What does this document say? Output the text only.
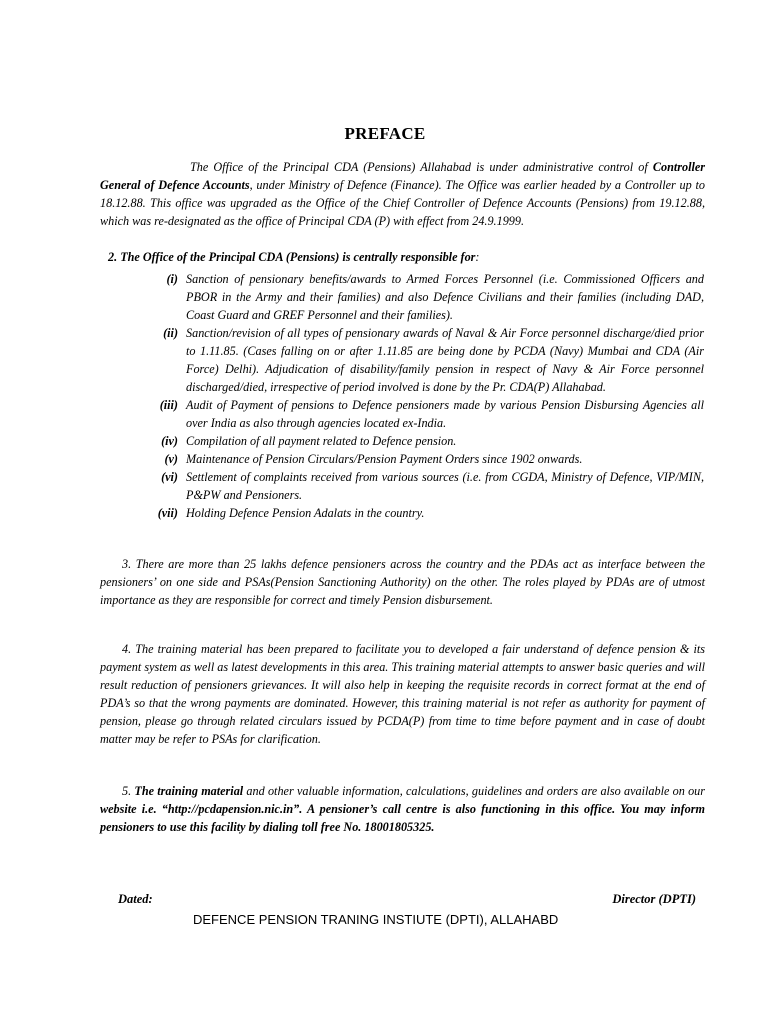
PREFACE
The Office of the Principal CDA (Pensions) Allahabad is under administrative control of Controller General of Defence Accounts, under Ministry of Defence (Finance). The Office was earlier headed by a Controller up to 18.12.88. This office was upgraded as the Office of the Chief Controller of Defence Accounts (Pensions) from 19.12.88, which was re-designated as the office of Principal CDA (P) with effect from 24.9.1999.
2. The Office of the Principal CDA (Pensions) is centrally responsible for:
(i) Sanction of pensionary benefits/awards to Armed Forces Personnel (i.e. Commissioned Officers and PBOR in the Army and their families) and also Defence Civilians and their families (including DAD, Coast Guard and GREF Personnel and their families).
(ii) Sanction/revision of all types of pensionary awards of Naval & Air Force personnel discharge/died prior to 1.11.85. (Cases falling on or after 1.11.85 are being done by PCDA (Navy) Mumbai and CDA (Air Force) Delhi). Adjudication of disability/family pension in respect of Navy & Air Force personnel discharged/died, irrespective of period involved is done by the Pr. CDA(P) Allahabad.
(iii) Audit of Payment of pensions to Defence pensioners made by various Pension Disbursing Agencies all over India as also through agencies located ex-India.
(iv) Compilation of all payment related to Defence pension.
(v) Maintenance of Pension Circulars/Pension Payment Orders since 1902 onwards.
(vi) Settlement of complaints received from various sources (i.e. from CGDA, Ministry of Defence, VIP/MIN, P&PW and Pensioners.
(vii) Holding Defence Pension Adalats in the country.
3. There are more than 25 lakhs defence pensioners across the country and the PDAs act as interface between the pensioners’ on one side and PSAs(Pension Sanctioning Authority) on the other. The roles played by PDAs are of utmost importance as they are responsible for correct and timely Pension disbursement.
4. The training material has been prepared to facilitate you to developed a fair understand of defence pension & its payment system as well as latest developments in this area. This training material attempts to answer basic queries and will result reduction of pensioners grievances. It will also help in keeping the requisite records in correct format at the end of PDA’s so that the wrong payments are dominated. However, this training material is not refer as authority for payment of pension, please go through related circulars issued by PCDA(P) from time to time before payment and in case of doubt matter may be refer to PSAs for clarification.
5. The training material and other valuable information, calculations, guidelines and orders are also available on our website i.e. “http://pcdapension.nic.in”. A pensioner’s call centre is also functioning in this office. You may inform pensioners to use this facility by dialing toll free No. 18001805325.
Dated:	Director (DPTI)
DEFENCE PENSION TRANING INSTIUTE (DPTI), ALLAHABD
